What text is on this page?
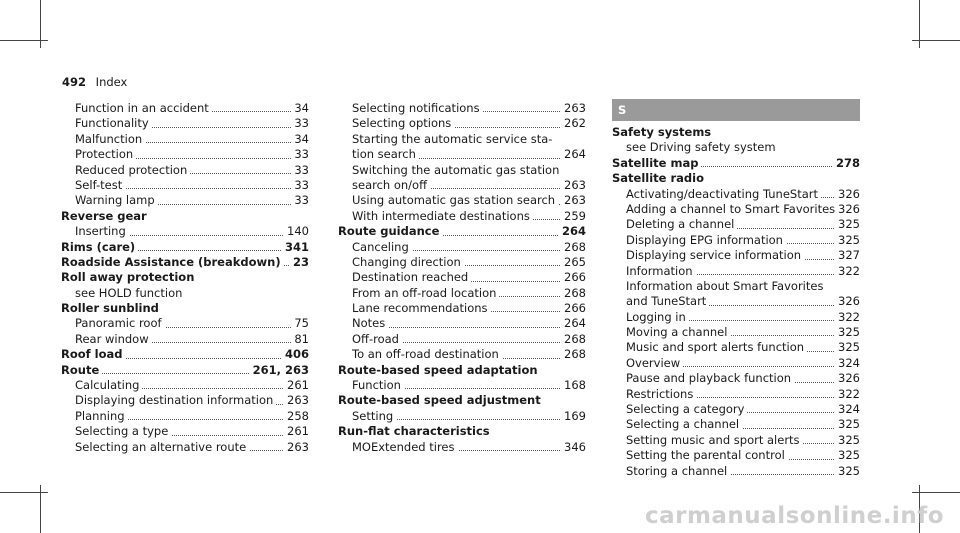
492 Index
Function in an accident	34
Functionality	33
Malfunction	34
Protection	33
Reduced protection	33
Self-test	33
Warning lamp	33
Reverse gear
Inserting	140
Rims (care)	341
Roadside Assistance (breakdown) 23
Roll away protection
see HOLD function
Roller sunblind
Panoramic roof	75
Rear window	81
Roof load	406
Route	261, 263
Calculating	261
Displaying destination information 263
Planning	258
Selecting a type	261
Selecting an alternative route	263
Selecting notifications	263
Selecting options	262
Starting the automatic service sta-
tion search	264
Switching the automatic gas station
search on/off	263
Using automatic gas station search 263
With intermediate destinations	259
Route guidance	264
Canceling	268
Changing direction	265
Destination reached	266
From an off-road location	268
Lane recommendations	266
Notes	264
Off-road	268
To an off-road destination	268
Route-based speed adaptation
Function	168
Route-based speed adjustment
Setting	169
Run-flat characteristics
MOExtended tires	346
S
Safety systems
see Driving safety system
Satellite map	278
Satellite radio
Activating/deactivating TuneStart 326
Adding a channel to Smart Favorites 326
Deleting a channel	325
Displaying EPG information	325
Displaying service information	327
Information	322
Information about Smart Favorites
and TuneStart	326
Logging in	322
Moving a channel	325
Music and sport alerts function	325
Overview	324
Pause and playback function	326
Restrictions	322
Selecting a category	324
Selecting a channel	325
Setting music and sport alerts	325
Setting the parental control	325
Storing a channel	325
carmanualsonline.info
